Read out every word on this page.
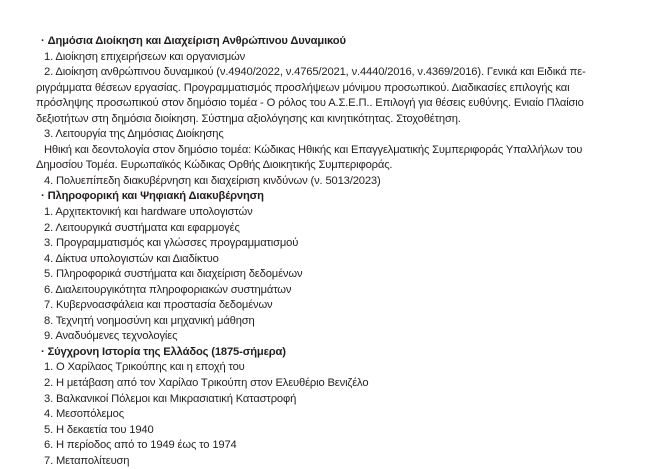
· Δημόσια Διοίκηση και Διαχείριση Ανθρώπινου Δυναμικού
1. Διοίκηση επιχειρήσεων και οργανισμών
2. Διοίκηση ανθρώπινου δυναμικού (ν.4940/2022, ν.4765/2021, ν.4440/2016, ν.4369/2016). Γενικά και Ειδικά πε-
ριγράμματα θέσεων εργασίας. Προγραμματισμός προσλήψεων μόνιμου προσωπικού. Διαδικασίες επιλογής και
πρόσληψης προσωπικού στον δημόσιο τομέα - Ο ρόλος του Α.Σ.Ε.Π.. Επιλογή για θέσεις ευθύνης. Ενιαίο Πλαίσιο
δεξιοτήτων στη δημόσια διοίκηση. Σύστημα αξιολόγησης και κινητικότητας. Στοχοθέτηση.
3. Λειτουργία της Δημόσιας Διοίκησης
Ηθική και δεοντολογία στον δημόσιο τομέα: Κώδικας Ηθικής και Επαγγελματικής Συμπεριφοράς Υπαλλήλων του
Δημοσίου Τομέα. Ευρωπαϊκός Κώδικας Ορθής Διοικητικής Συμπεριφοράς.
4. Πολυεπίπεδη διακυβέρνηση και διαχείριση κινδύνων (ν. 5013/2023)
· Πληροφορική και Ψηφιακή Διακυβέρνηση
1. Αρχιτεκτονική και hardware υπολογιστών
2. Λειτουργικά συστήματα και εφαρμογές
3. Προγραμματισμός και γλώσσες προγραμματισμού
4. Δίκτυα υπολογιστών και Διαδίκτυο
5. Πληροφορικά συστήματα και διαχείριση δεδομένων
6. Διαλειτουργικότητα πληροφοριακών συστημάτων
7. Κυβερνοασφάλεια και προστασία δεδομένων
8. Τεχνητή νοημοσύνη και μηχανική μάθηση
9. Αναδυόμενες τεχνολογίες
· Σύγχρονη Ιστορία της Ελλάδος (1875-σήμερα)
1. Ο Χαρίλαος Τρικούπης και η εποχή του
2. Η μετάβαση από τον Χαρίλαο Τρικούπη στον Ελευθέριο Βενιζέλο
3. Βαλκανικοί Πόλεμοι και Μικρασιατική Καταστροφή
4. Μεσοπόλεμος
5. Η δεκαετία του 1940
6. Η περίοδος από το 1949 έως το 1974
7. Μεταπολίτευση
